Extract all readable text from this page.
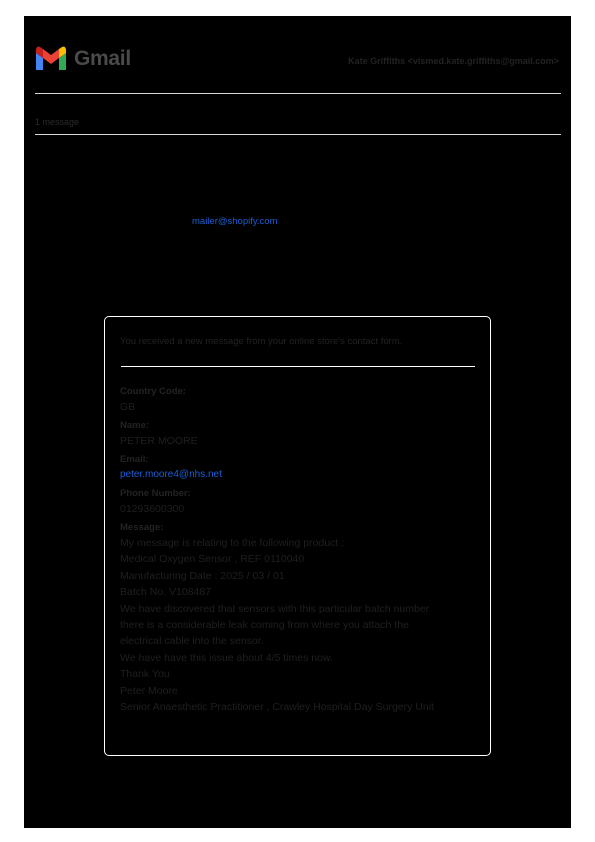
Gmail	Kate Griffiths <vismed.kate.griffiths@gmail.com>
1 message
mailer@shopify.com
You received a new message from your online store's contact form.
Country Code:
GB
Name:
PETER MOORE
Email:
peter.moore4@nhs.net
Phone Number:
01293600300
Message:
My message is relating to the following product :
Medical Oxygen Sensor , REF 0110040
Manufacturing Date : 2025 / 03 / 01
Batch No. V108487
We have discovered that sensors with this particular batch number
there is a considerable leak coming from where you attach the
electrical cable into the sensor.
We have have this issue about 4/5 times now.
Thank You
Peter Moore
Senior Anaesthetic Practitioner , Crawley Hospital Day Surgery Unit
